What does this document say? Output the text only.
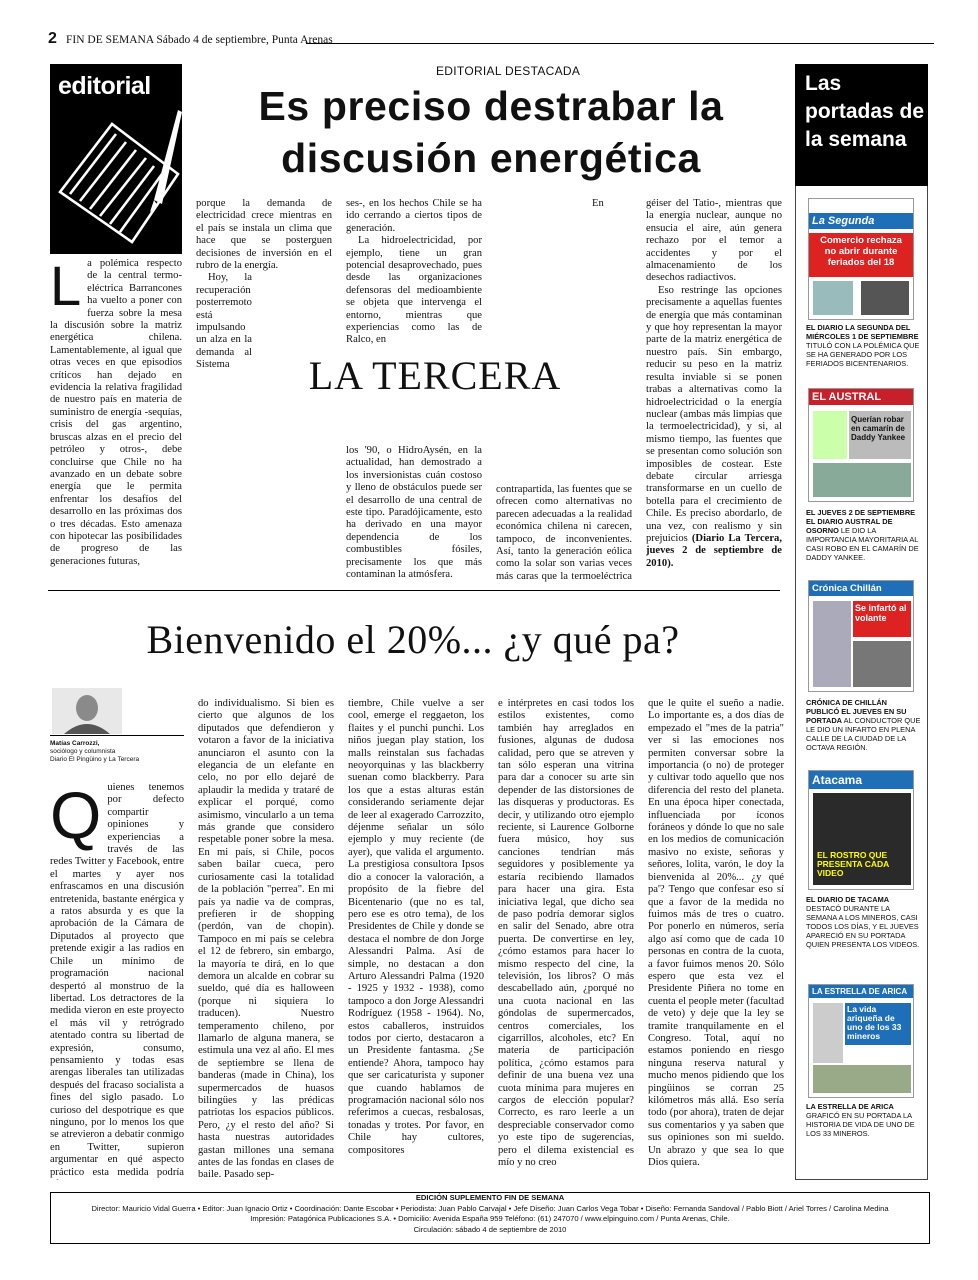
2 FIN DE SEMANA Sábado 4 de septiembre, Punta Arenas
editorial
EDITORIAL DESTACADA
Es preciso destrabar la
discusión energética
L a polémica respecto de la central termo-eléctrica Barrancones ha vuelto a poner con fuerza sobre la mesa la discusión sobre la matriz energética chilena. Lamentablemente, al igual que otras veces en que episodios críticos han dejado en evidencia la relativa fragilidad de nuestro país en materia de suministro de energía -sequías, crisis del gas argentino, bruscas alzas en el precio del petróleo y otros-, debe concluirse que Chile no ha avanzado en un debate sobre energía que le permita enfrentar los desafíos del desarrollo en las próximas dos o tres décadas. Esto amenaza con hipotecar las posibilidades de progreso de las generaciones futuras,

porque la demanda de electricidad crece mientras en el país se instala un clima que hace que se posterguen decisiones de inversión en el rubro de la energía.

Hoy, la recuperación posterremoto está impulsando un alza en la demanda al Sistema

ses-, en los hechos Chile se ha ido cerrando a ciertos tipos de generación.

La hidroelectricidad, por ejemplo, tiene un gran potencial desaprovechado, pues desde las organizaciones defensoras del medioambiente se objeta que intervenga el entorno, mientras que experiencias como las de Ralco, en

los '90, o HidroAysén, en la actualidad, han demostrado a los inversionistas cuán costoso y lleno de obstáculos puede ser el desarrollo de una central de este tipo. Paradójicamente, esto ha derivado en una mayor dependencia de los combustibles fósiles, precisamente los que más contaminan la atmósfera.

En contrapartida, las fuentes que se ofrecen como alternativas no parecen adecuadas a la realidad económica chilena ni carecen, tampoco, de inconvenientes. Así, tanto la generación eólica como la solar son varias veces más caras que la termoeléctrica

géiser del Tatio-, mientras que la energía nuclear, aunque no ensucia el aire, aún genera rechazo por el temor a accidentes y por el almacenamiento de los desechos radiactivos.

Eso restringe las opciones precisamente a aquellas fuentes de energía que más contaminan y que hoy representan la mayor parte de la matriz energética de nuestro país. Sin embargo, reducir su peso en la matriz resulta inviable si se ponen trabas a alternativas como la hidroelectricidad o la energía nuclear (ambas más limpias que la termoelectricidad), y si, al mismo tiempo, las fuentes que se presentan como solución son imposibles de costear. Este debate circular arriesga transformarse en un cuello de botella para el crecimiento de Chile. Es preciso abordarlo, de una vez, con realismo y sin prejuicios (Diario La Tercera, jueves 2 de septiembre de 2010).

LA TERCERA
Bienvenido el 20%... ¿y qué pa?
Matías Carrozzi,
sociólogo y columnista
Diario El Pingüino y La Tercera
Q uienes tenemos por defecto compartir opiniones y experiencias a través de las redes Twitter y Facebook, entre el martes y ayer nos enfrascamos en una discusión entretenida, bastante enérgica y a ratos absurda y es que la aprobación de la Cámara de Diputados al proyecto que pretende exigir a las radios en Chile un mínimo de programación nacional despertó al monstruo de la libertad. Los detractores de la medida vieron en este proyecto el más vil y retrógrado atentado contra su libertad de expresión, consumo, pensamiento y todas esas arengas liberales tan utilizadas después del fracaso socialista a fines del siglo pasado. Lo curioso del despotrique es que ninguno, por lo menos los que se atrevieron a debatir conmigo en Twitter, supieron argumentar en qué aspecto práctico esta medida podría

do individualismo. Si bien es cierto que algunos de los diputados que defendieron y votaron a favor de la iniciativa anunciaron el asunto con la elegancia de un elefante en celo, no por ello dejaré de aplaudir la medida y trataré de explicar el porqué, como asimismo, vincularlo a un tema más grande que considero respetable poner sobre la mesa. En mi país, si Chile, pocos saben bailar cueca, pero curiosamente casi la totalidad de la población "perrea". En mi país ya nadie va de compras, prefieren ir de shopping (perdón, van de chopin). Tampoco en mi país se celebra el 12 de febrero, sin embargo, la mayoría te dirá, en lo que demora un alcalde en cobrar su sueldo, qué día es halloween (porque ni siquiera lo traducen). Nuestro temperamento chileno, por llamarlo de alguna manera, se estimula una vez al año. El mes de septiembre se llena de banderas (made in China), los supermercados de huasos bilingües y las prédicas patriotas los espacios públicos. Pero, ¿y el resto del año? Si hasta nuestras autoridades gastan millones una semana antes de las fondas en clases de baile. Pasado sep-

tiembre, Chile vuelve a ser cool, emerge el reggaeton, los flaites y el punchi punchi. Los niños juegan play station, los malls reinstalan sus fachadas neoyorquinas y las blackberry suenan como blackberry. Para los que a estas alturas están considerando seriamente dejar de leer al exagerado Carrozzito, déjenme señalar un sólo ejemplo y muy reciente (de ayer), que valida el argumento. La prestigiosa consultora Ipsos dio a conocer la valoración, a propósito de la fiebre del Bicentenario (que no es tal, pero ese es otro tema), de los Presidentes de Chile y donde se destaca el nombre de don Jorge Alessandri Palma. Así de simple, no destacan a don Arturo Alessandri Palma (1920 - 1925 y 1932 - 1938), como tampoco a don Jorge Alessandri Rodríguez (1958 - 1964). No, estos caballeros, instruidos todos por cierto, destacaron a un Presidente fantasma. ¿Se entiende? Ahora, tampoco hay que ser caricaturista y suponer que cuando hablamos de programación nacional sólo nos referimos a cuecas, resbalosas, tonadas y trotes. Por favor, en Chile hay cultores, compositores

e intérpretes en casi todos los estilos existentes, como también hay arreglados en fusiones, algunas de dudosa calidad, pero que se atreven y tan sólo esperan una vitrina para dar a conocer su arte sin depender de las distorsiones de las disqueras y productoras. Es decir, y utilizando otro ejemplo reciente, si Laurence Golborne fuera músico, hoy sus canciones tendrían más seguidores y posiblemente ya estaría recibiendo llamados para hacer una gira. Esta iniciativa legal, que dicho sea de paso podría demorar siglos en salir del Senado, abre otra puerta. De convertirse en ley, ¿cómo estamos para hacer lo mismo respecto del cine, la televisión, los libros? O más descabellado aún, ¿porqué no una cuota nacional en las góndolas de supermercados, centros comerciales, los cigarrillos, alcoholes, etc? En materia de participación política, ¿cómo estamos para definir de una buena vez una cuota mínima para mujeres en cargos de elección popular? Correcto, es raro leerle a un despreciable conservador como yo este tipo de sugerencias, pero el dilema existencial es mío y no creo

que le quite el sueño a nadie. Lo importante es, a dos días de empezado el "mes de la patria" ver si las emociones nos permiten conversar sobre la importancia (o no) de proteger y cultivar todo aquello que nos diferencia del resto del planeta. En una época hiper conectada, influenciada por íconos foráneos y dónde lo que no sale en los medios de comunicación masivo no existe, señoras y señores, lolita, varón, le doy la bienvenida al 20%... ¿y qué pa'? Tengo que confesar eso sí que a favor de la medida no fuimos más de tres o cuatro. Por ponerlo en números, sería algo así como que de cada 10 personas en contra de la cuota, a favor fuimos menos 20. Sólo espero que esta vez el Presidente Piñera no tome en cuenta el people meter (facultad de veto) y deje que la ley se tramite tranquilamente en el Congreso. Total, aquí no estamos poniendo en riesgo ninguna reserva natural y mucho menos pidiendo que los pingüinos se corran 25 kilómetros más allá. Eso sería todo (por ahora), traten de dejar sus comentarios y ya saben que sus opiniones son mi sueldo. Un abrazo y que sea lo que Dios quiera.

Las portadas de la semana
La Segunda
Comercio rechaza no abrir durante feriados del 18
EL DIARIO LA SEGUNDA DEL MIÉRCOLES 1 DE SEPTIEMBRE TITULÓ CON LA POLÉMICA QUE SE HA GENERADO POR LOS FERIADOS BICENTENARIOS.
EL AUSTRAL
Querían robar en camarín de Daddy Yankee
EL JUEVES 2 DE SEPTIEMBRE EL DIARIO AUSTRAL DE OSORNO LE DIO LA IMPORTANCIA MAYORITARIA AL CASI ROBO EN EL CAMARÍN DE DADDY YANKEE.
Crónica Chillán
Se infartó al volante
CRÓNICA DE CHILLÁN PUBLICÓ EL JUEVES EN SU PORTADA AL CONDUCTOR QUE LE DIO UN INFARTO EN PLENA CALLE DE LA CIUDAD DE LA OCTAVA REGIÓN.
Atacama
EL ROSTRO QUE PRESENTA CADA VIDEO
EL DIARIO DE TACAMA
DESTACÓ DURANTE LA SEMANA A LOS MINEROS, CASI TODOS LOS DÍAS, Y EL JUEVES APARECIÓ EN SU PORTADA QUIEN PRESENTA LOS VIDEOS.
LA ESTRELLA DE ARICA
La vida ariqueña de uno de los 33 mineros
LA ESTRELLA DE ARICA
GRAFICÓ EN SU PORTADA LA HISTORIA DE VIDA DE UNO DE LOS 33 MINEROS.
EDICIÓN SUPLEMENTO FIN DE SEMANA
Director: Mauricio Vidal Guerra • Editor: Juan Ignacio Ortiz • Coordinación: Dante Escobar • Periodista: Juan Pablo Carvajal • Jefe Diseño: Juan Carlos Vega Tobar • Diseño: Fernanda Sandoval / Pablo Biott / Ariel Torres / Carolina Medina
Impresión: Patagónica Publicaciones S.A. • Domicilio: Avenida España 959 Teléfono: (61) 247070 / www.elpinguino.com / Punta Arenas, Chile.
Circulación: sábado 4 de septiembre de 2010
